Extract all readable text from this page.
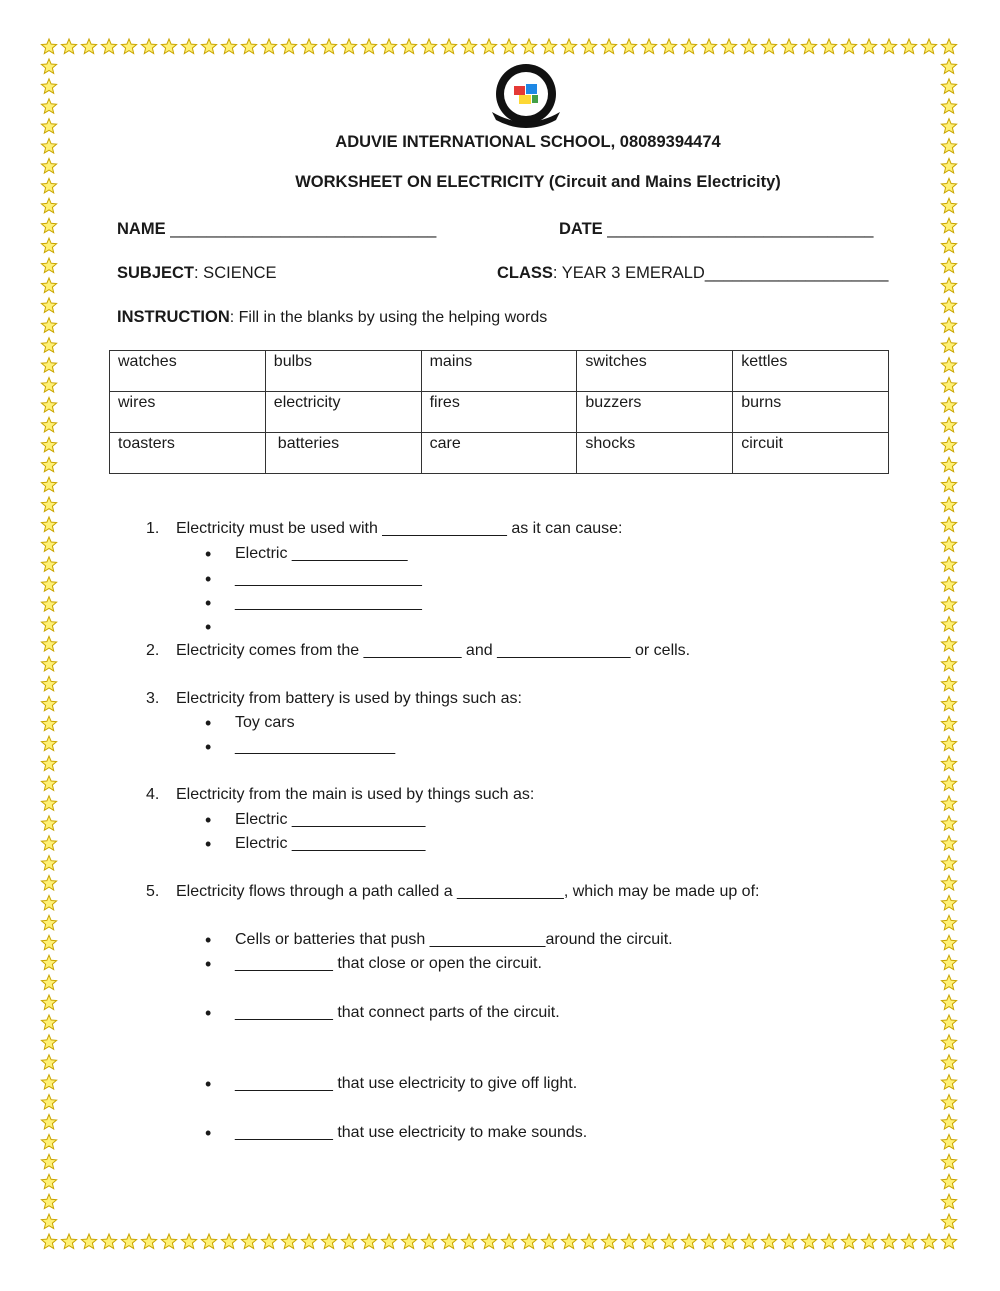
ADUVIE INTERNATIONAL SCHOOL, 08089394474
WORKSHEET ON ELECTRICITY (Circuit and Mains Electricity)
NAME _____________________________	DATE _____________________________
SUBJECT: SCIENCE	CLASS: YEAR 3 EMERALD____________________
INSTRUCTION: Fill in the blanks by using the helping words
watches	bulbs	mains	switches	kettles
wires	electricity	fires	buzzers	burns
toasters	batteries	care	shocks	circuit
1. Electricity must be used with ______________ as it can cause:
• Electric _____________
• _____________________
• _____________________
•
2. Electricity comes from the ___________ and _______________ or cells.
3. Electricity from battery is used by things such as:
• Toy cars
• __________________
4. Electricity from the main is used by things such as:
• Electric _______________
• Electric _______________
5. Electricity flows through a path called a ____________, which may be made up of:
• Cells or batteries that push _____________around the circuit.
• ___________ that close or open the circuit.
• ___________ that connect parts of the circuit.
• ___________ that use electricity to give off light.
• ___________ that use electricity to make sounds.
